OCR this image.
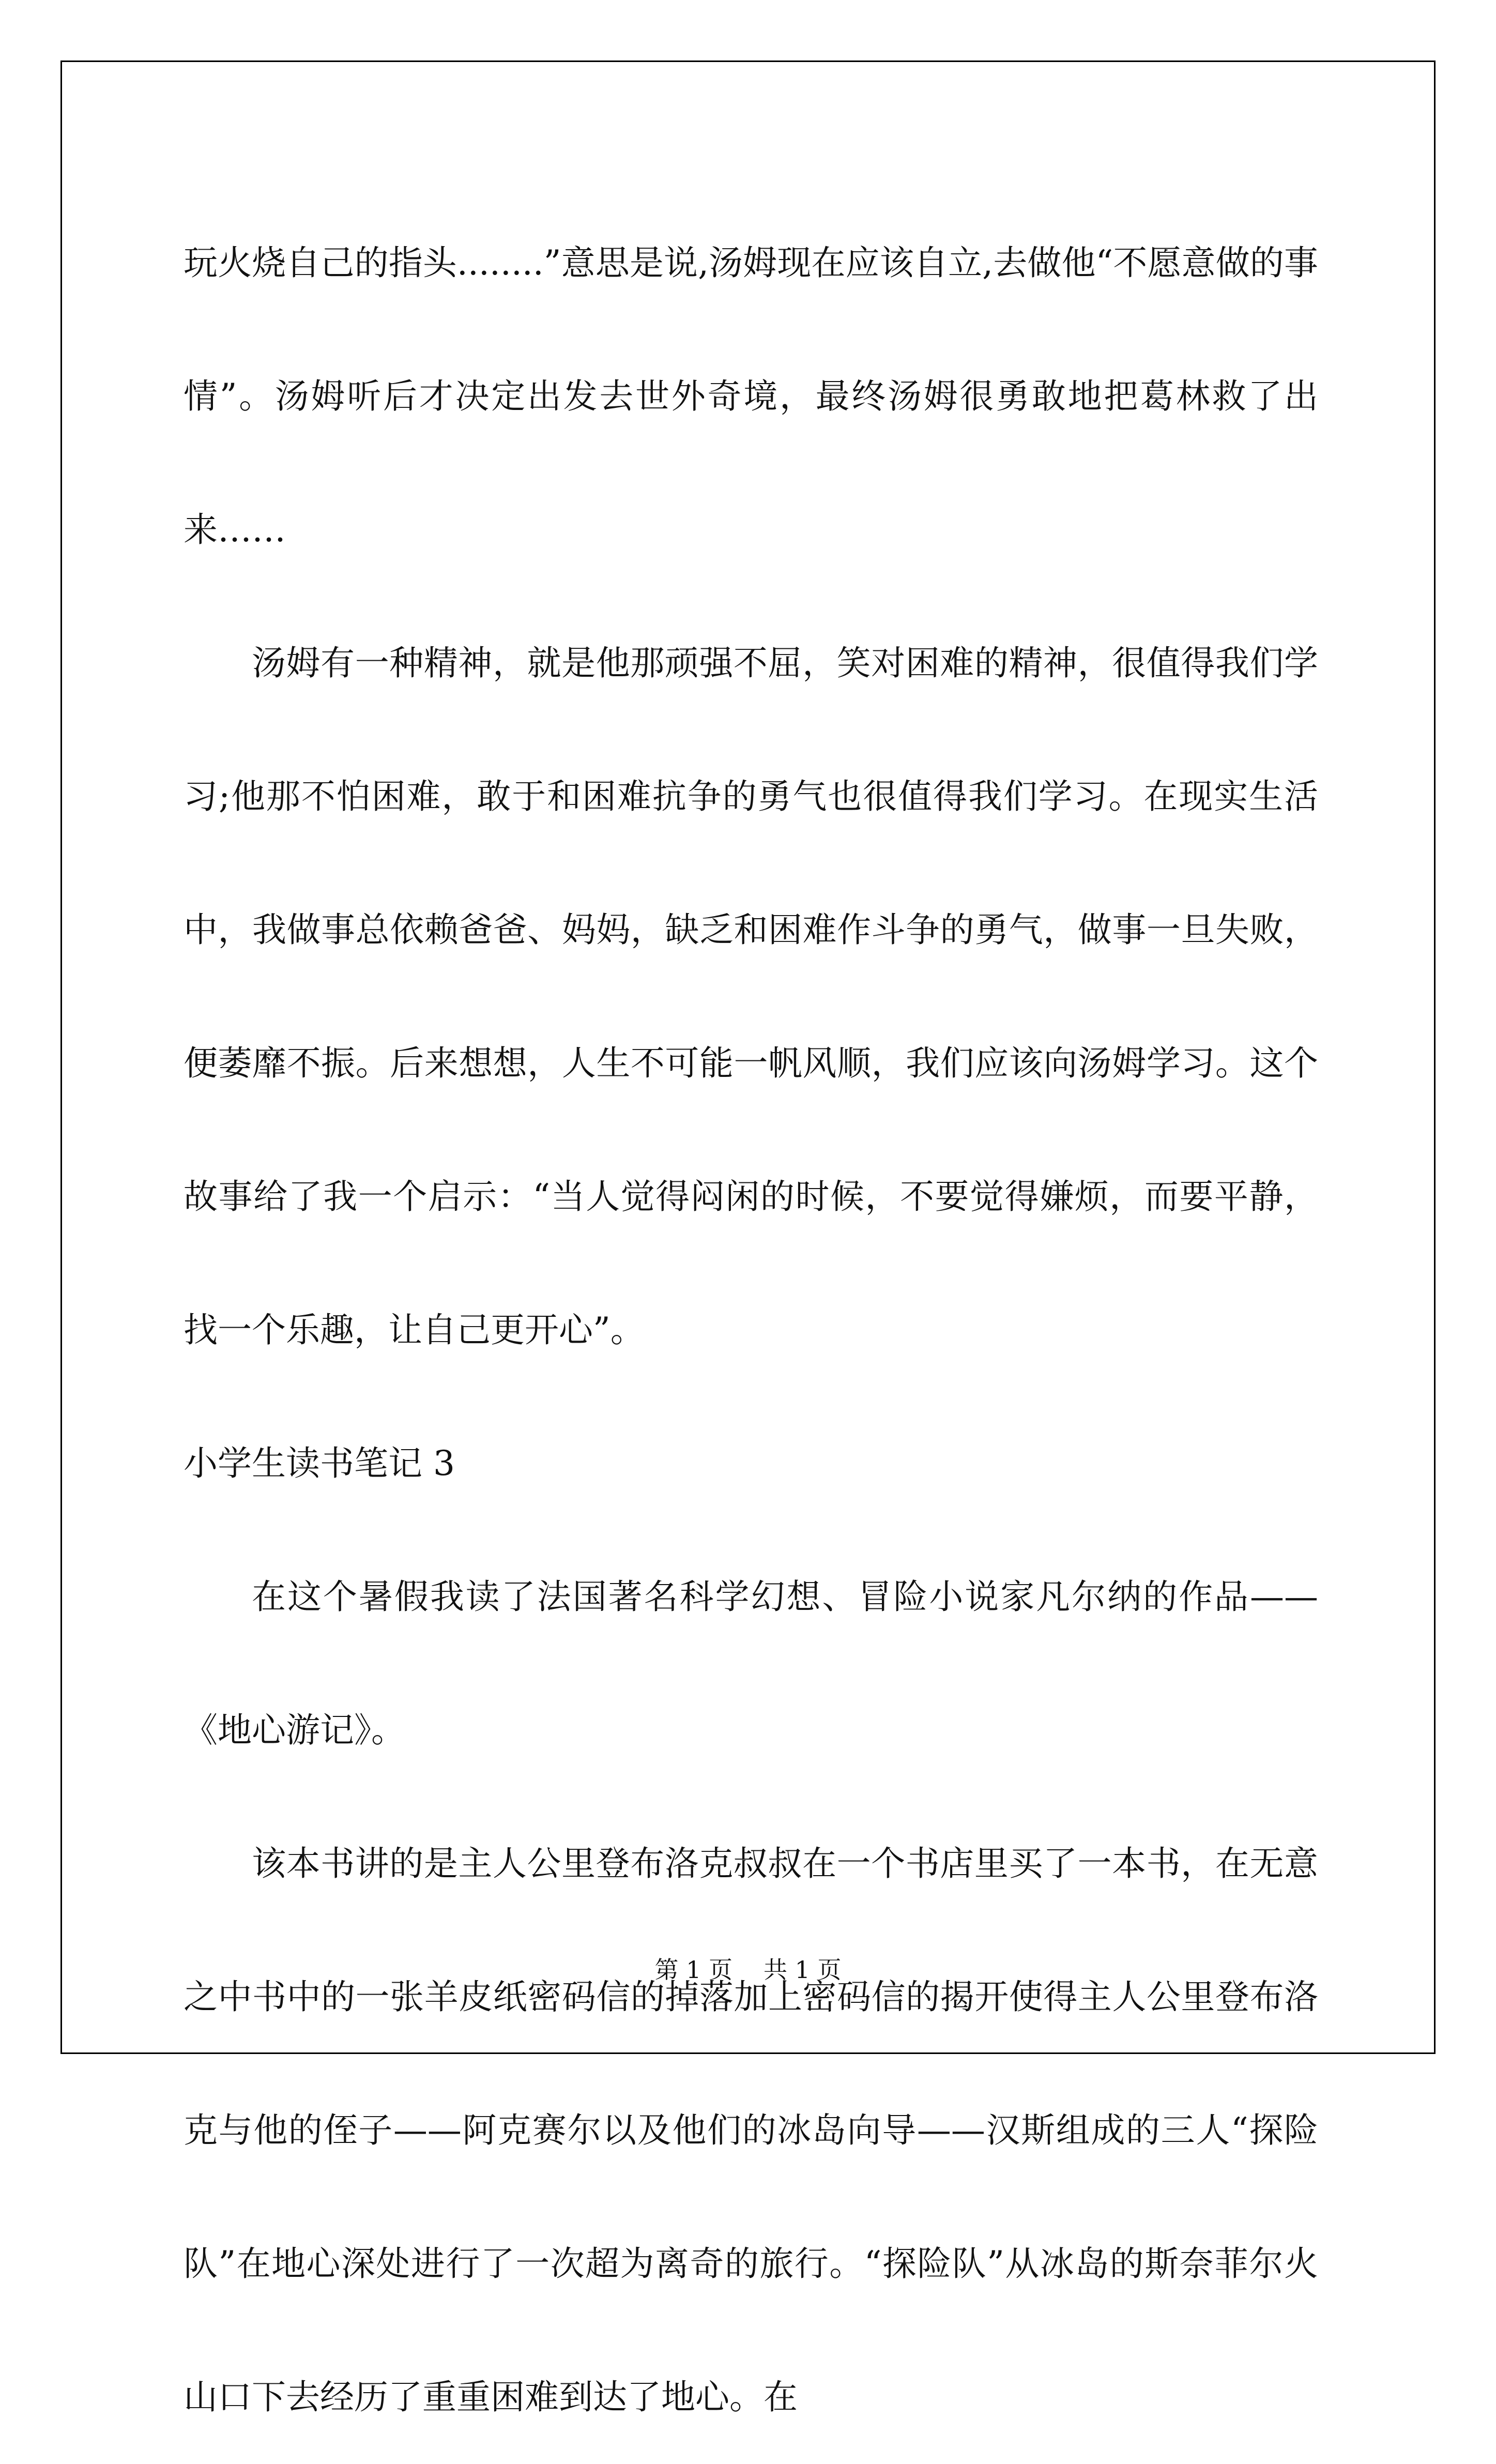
玩火烧自己的指头........”意思是说,汤姆现在应该自立,去做他“不愿意做的事情”。汤姆听后才决定出发去世外奇境，最终汤姆很勇敢地把葛林救了出来……

汤姆有一种精神，就是他那顽强不屈，笑对困难的精神，很值得我们学习;他那不怕困难，敢于和困难抗争的勇气也很值得我们学习。在现实生活中，我做事总依赖爸爸、妈妈，缺乏和困难作斗争的勇气，做事一旦失败，便萎靡不振。后来想想，人生不可能一帆风顺，我们应该向汤姆学习。这个故事给了我一个启示：“当人觉得闷闲的时候，不要觉得嫌烦，而要平静，找一个乐趣，让自己更开心”。

小学生读书笔记 3

在这个暑假我读了法国著名科学幻想、冒险小说家凡尔纳的作品——《地心游记》。

该本书讲的是主人公里登布洛克叔叔在一个书店里买了一本书，在无意之中书中的一张羊皮纸密码信的掉落加上密码信的揭开使得主人公里登布洛克与他的侄子——阿克赛尔以及他们的冰岛向导——汉斯组成的三人“探险队”在地心深处进行了一次超为离奇的旅行。“探险队”从冰岛的斯奈菲尔火山口下去经历了重重困难到达了地心。在

第 1 页 共 1 页
